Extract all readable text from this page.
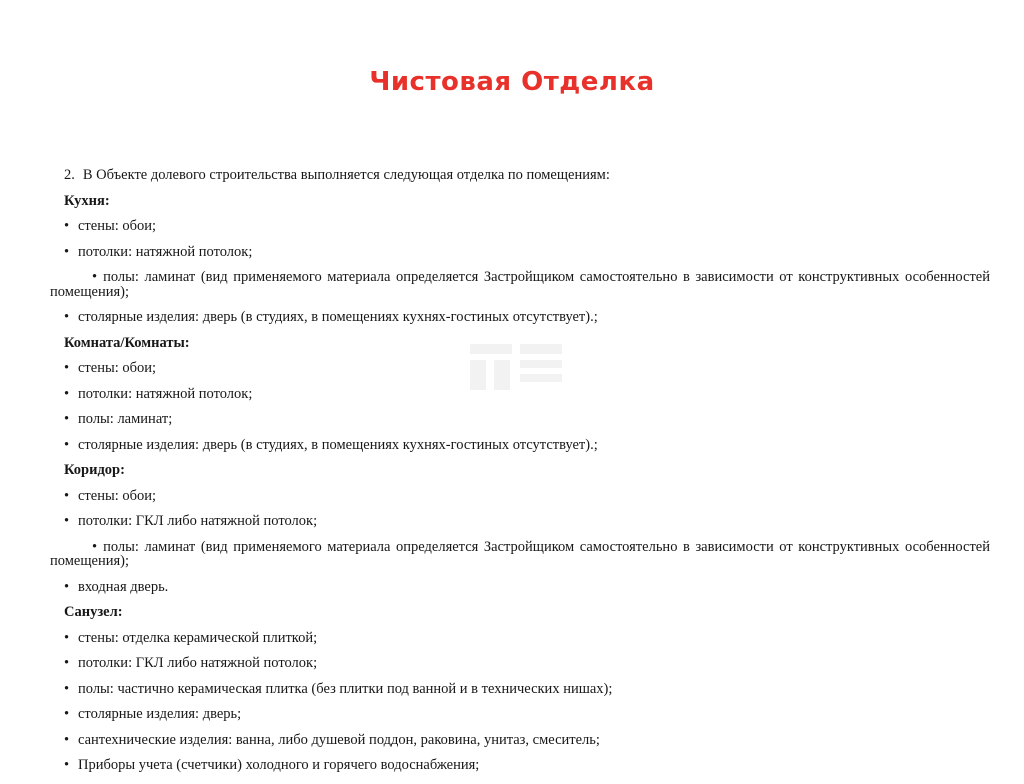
Чистовая Отделка

2. В Объекте долевого строительства выполняется следующая отделка по помещениям:

Кухня:

• стены: обои;

• потолки: натяжной потолок;

• полы: ламинат (вид применяемого материала определяется Застройщиком самостоятельно в зависимости от конструктивных особенностей помещения);

• столярные изделия: дверь (в студиях, в помещениях кухнях-гостиных отсутствует).;

Комната/Комнаты:

• стены: обои;

• потолки: натяжной потолок;

• полы: ламинат;

• столярные изделия: дверь (в студиях, в помещениях кухнях-гостиных отсутствует).;

Коридор:

• стены: обои;

• потолки: ГКЛ либо натяжной потолок;

• полы: ламинат (вид применяемого материала определяется Застройщиком самостоятельно в зависимости от конструктивных особенностей помещения);

• входная дверь.

Санузел:

• стены: отделка керамической плиткой;

• потолки: ГКЛ либо натяжной потолок;

• полы: частично керамическая плитка (без плитки под ванной и в технических нишах);

• столярные изделия: дверь;

• сантехнические изделия: ванна, либо душевой поддон, раковина, унитаз, смеситель;

• Приборы учета (счетчики) холодного и горячего водоснабжения;
